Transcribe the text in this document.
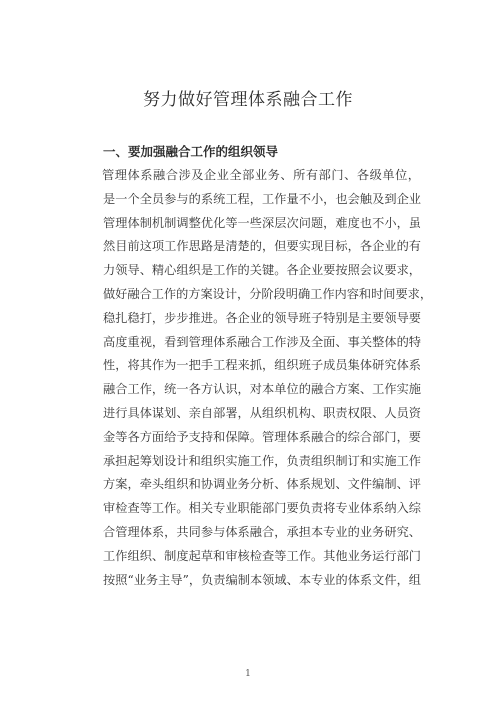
努力做好管理体系融合工作
一、要加强融合工作的组织领导
管理体系融合涉及企业全部业务、所有部门、各级单位，
是一个全员参与的系统工程，工作量不小，也会触及到企业
管理体制机制调整优化等一些深层次问题，难度也不小，虽
然目前这项工作思路是清楚的，但要实现目标，各企业的有
力领导、精心组织是工作的关键。各企业要按照会议要求，
做好融合工作的方案设计，分阶段明确工作内容和时间要求，
稳扎稳打，步步推进。各企业的领导班子特别是主要领导要
高度重视，看到管理体系融合工作涉及全面、事关整体的特
性，将其作为一把手工程来抓，组织班子成员集体研究体系
融合工作，统一各方认识，对本单位的融合方案、工作实施
进行具体谋划、亲自部署，从组织机构、职责权限、人员资
金等各方面给予支持和保障。管理体系融合的综合部门，要
承担起筹划设计和组织实施工作，负责组织制订和实施工作
方案，牵头组织和协调业务分析、体系规划、文件编制、评
审检查等工作。相关专业职能部门要负责将专业体系纳入综
合管理体系，共同参与体系融合，承担本专业的业务研究、
工作组织、制度起草和审核检查等工作。其他业务运行部门
按照“业务主导”，负责编制本领域、本专业的体系文件，组
1
